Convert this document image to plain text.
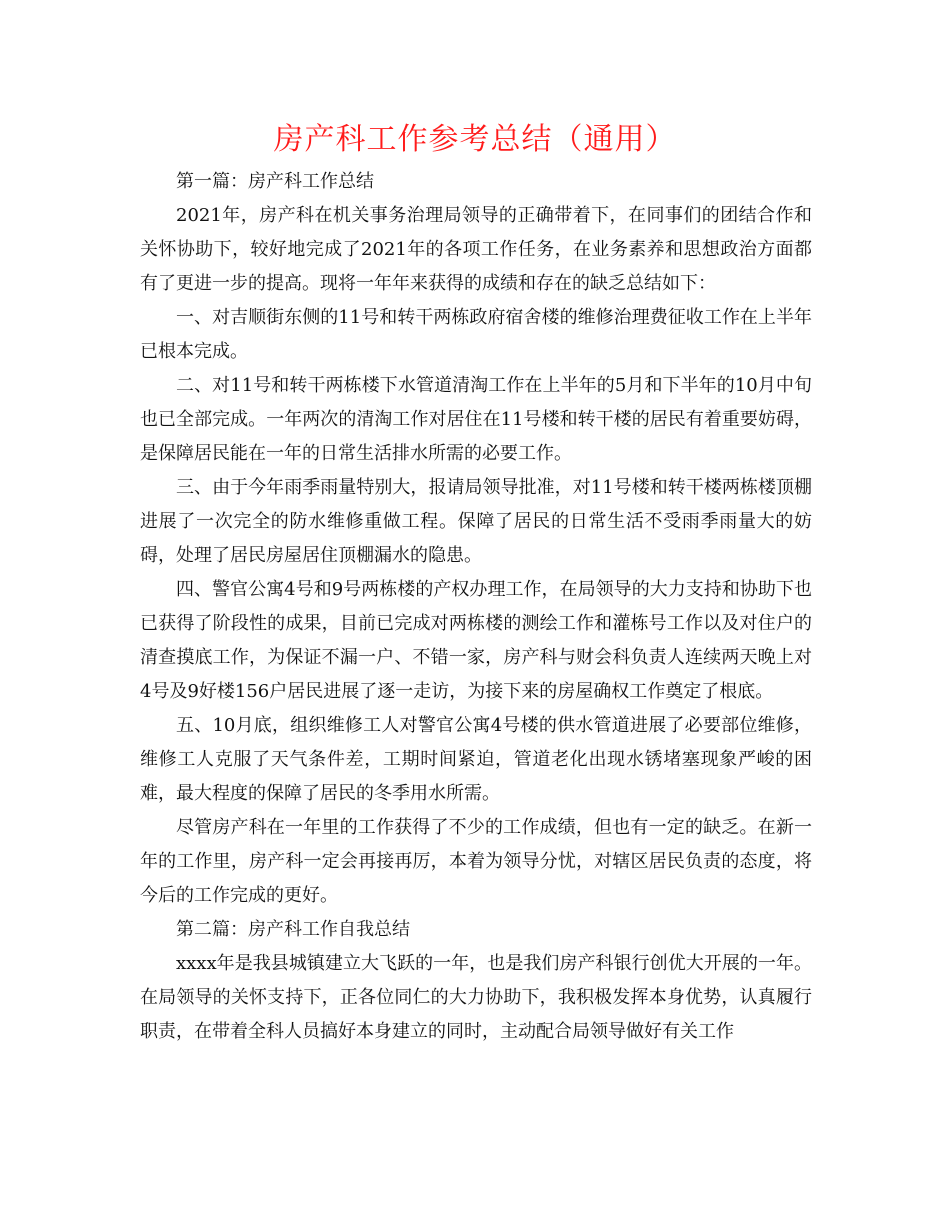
房产科工作参考总结（通用）

第一篇：房产科工作总结

2021年，房产科在机关事务治理局领导的正确带着下，在同事们的团结合作和关怀协助下，较好地完成了2021年的各项工作任务，在业务素养和思想政治方面都有了更进一步的提高。现将一年年来获得的成绩和存在的缺乏总结如下：

一、对吉顺街东侧的11号和转干两栋政府宿舍楼的维修治理费征收工作在上半年已根本完成。

二、对11号和转干两栋楼下水管道清淘工作在上半年的5月和下半年的10月中旬也已全部完成。一年两次的清淘工作对居住在11号楼和转干楼的居民有着重要妨碍，是保障居民能在一年的日常生活排水所需的必要工作。

三、由于今年雨季雨量特别大，报请局领导批准，对11号楼和转干楼两栋楼顶棚进展了一次完全的防水维修重做工程。保障了居民的日常生活不受雨季雨量大的妨碍，处理了居民房屋居住顶棚漏水的隐患。

四、警官公寓4号和9号两栋楼的产权办理工作，在局领导的大力支持和协助下也已获得了阶段性的成果，目前已完成对两栋楼的测绘工作和灌栋号工作以及对住户的清查摸底工作，为保证不漏一户、不错一家，房产科与财会科负责人连续两天晚上对4号及9好楼156户居民进展了逐一走访，为接下来的房屋确权工作奠定了根底。

五、10月底，组织维修工人对警官公寓4号楼的供水管道进展了必要部位维修，维修工人克服了天气条件差，工期时间紧迫，管道老化出现水锈堵塞现象严峻的困难，最大程度的保障了居民的冬季用水所需。

尽管房产科在一年里的工作获得了不少的工作成绩，但也有一定的缺乏。在新一年的工作里，房产科一定会再接再厉，本着为领导分忧，对辖区居民负责的态度，将今后的工作完成的更好。

第二篇：房产科工作自我总结

xxxx年是我县城镇建立大飞跃的一年，也是我们房产科银行创优大开展的一年。在局领导的关怀支持下，正各位同仁的大力协助下，我积极发挥本身优势，认真履行职责，在带着全科人员搞好本身建立的同时，主动配合局领导做好有关工作
